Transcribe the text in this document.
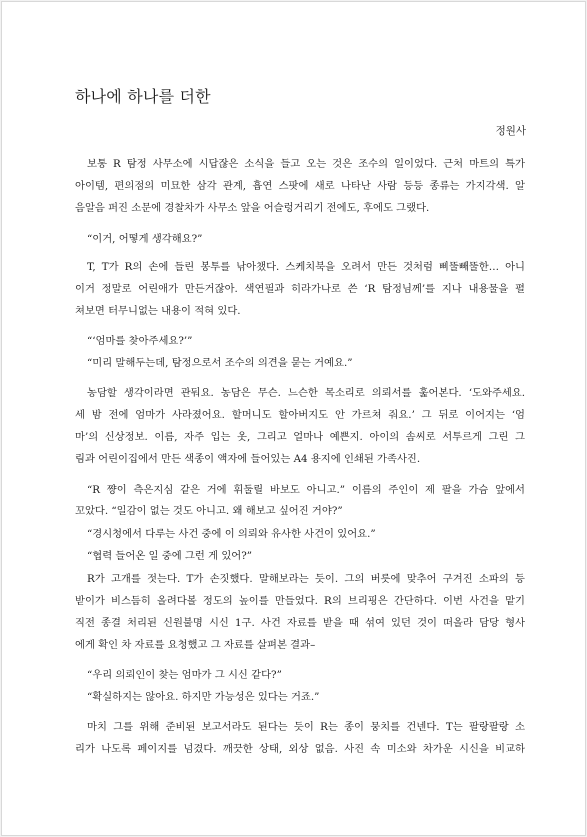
하나에 하나를 더한
정원사
보통 R 탐정 사무소에 시답잖은 소식을 들고 오는 것은 조수의 일이었다. 근처 마트의 특가
아이템, 편의점의 미묘한 삼각 관계, 흡연 스팟에 새로 나타난 사람 등등 종류는 가지각색. 알
음알음 퍼진 소문에 경찰차가 사무소 앞을 어슬렁거리기 전에도, 후에도 그랬다.
“이거, 어떻게 생각해요?”
T, T가 R의 손에 들린 봉투를 낚아챘다. 스케치북을 오려서 만든 것처럼 삐뚤빼뚤한… 아니
이거 정말로 어린애가 만든거잖아. 색연필과 히라가나로 쓴 ‘R 탐정님께’를 지나 내용물을 펼
쳐보면 터무니없는 내용이 적혀 있다.
“‘엄마를 찾아주세요?’”
“미리 말해두는데, 탐정으로서 조수의 의견을 묻는 거예요.”
농담할 생각이라면 관둬요. 농담은 무슨. 느슨한 목소리로 의뢰서를 훑어본다. ‘도와주세요.
세 밤 전에 엄마가 사라졌어요. 할머니도 할아버지도 안 가르쳐 줘요.’ 그 뒤로 이어지는 ‘엄
마’의 신상정보. 이름, 자주 입는 옷, 그리고 얼마나 예쁜지. 아이의 솜씨로 서투르게 그린 그
림과 어린이집에서 만든 색종이 액자에 들어있는 A4 용지에 인쇄된 가족사진.
“R 쨩이 측은지심 같은 거에 휘둘릴 바보도 아니고.” 이름의 주인이 제 팔을 가슴 앞에서
꼬았다. “일감이 없는 것도 아니고. 왜 해보고 싶어진 거야?”
“경시청에서 다루는 사건 중에 이 의뢰와 유사한 사건이 있어요.”
“협력 들어온 일 중에 그런 게 있어?”
R가 고개를 젓는다. T가 손짓했다. 말해보라는 듯이. 그의 버릇에 맞추어 구겨진 소파의 등
받이가 비스듬히 올려다볼 정도의 높이를 만들었다. R의 브리핑은 간단하다. 이번 사건을 맡기
직전 종결 처리된 신원불명 시신 1구. 사건 자료를 받을 때 섞여 있던 것이 떠올라 담당 형사
에게 확인 차 자료를 요청했고 그 자료를 살펴본 결과–
“우리 의뢰인이 찾는 엄마가 그 시신 같다?”
“확실하지는 않아요. 하지만 가능성은 있다는 거죠.”
마치 그를 위해 준비된 보고서라도 된다는 듯이 R는 종이 뭉치를 건넨다. T는 팔랑팔랑 소
리가 나도록 페이지를 넘겼다. 깨끗한 상태, 외상 없음. 사진 속 미소와 차가운 시신을 비교하
